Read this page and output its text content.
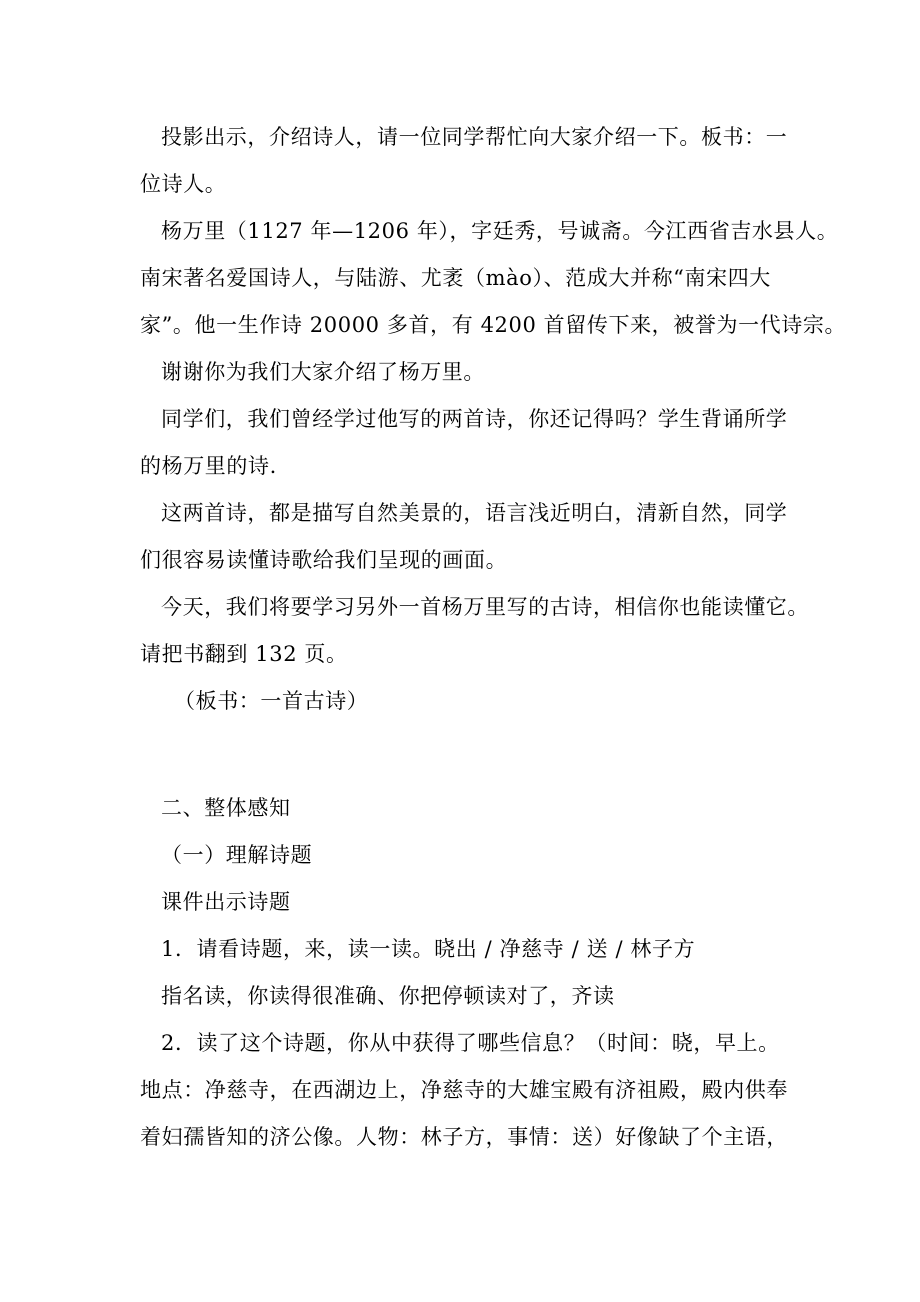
投影出示，介绍诗人，请一位同学帮忙向大家介绍一下。板书：一
位诗人。
杨万里（1127 年—1206 年），字廷秀，号诚斋。今江西省吉水县人。
南宋著名爱国诗人，与陆游、尤袤（mào）、范成大并称“南宋四大
家”。他一生作诗 20000 多首，有 4200 首留传下来，被誉为一代诗宗。
谢谢你为我们大家介绍了杨万里。
同学们，我们曾经学过他写的两首诗，你还记得吗？学生背诵所学
的杨万里的诗.
这两首诗，都是描写自然美景的，语言浅近明白，清新自然，同学
们很容易读懂诗歌给我们呈现的画面。
今天，我们将要学习另外一首杨万里写的古诗，相信你也能读懂它。
请把书翻到 132 页。
（板书：一首古诗）
二、整体感知
（一）理解诗题
课件出示诗题
1．请看诗题，来，读一读。晓出 / 净慈寺 / 送 / 林子方
指名读，你读得很准确、你把停顿读对了，齐读
2．读了这个诗题，你从中获得了哪些信息？（时间：晓，早上。
地点：净慈寺，在西湖边上，净慈寺的大雄宝殿有济祖殿，殿内供奉
着妇孺皆知的济公像。人物：林子方，事情：送）好像缺了个主语，
